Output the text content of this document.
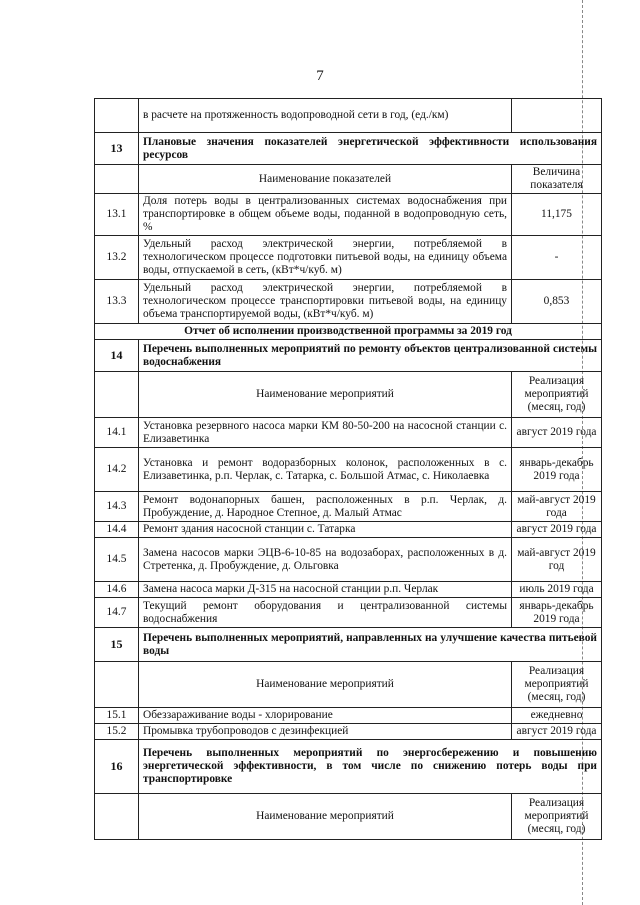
7
	в расчете на протяженность водопроводной сети в год, (ед./км)	
13	Плановые значения показателей энергетической эффективности использования ресурсов	
	Наименование показателей	Величина показателя
13.1	Доля потерь воды в централизованных системах водоснабжения при транспортировке в общем объеме воды, поданной в водопроводную сеть, %	11,175
13.2	Удельный расход электрической энергии, потребляемой в технологическом процессе подготовки питьевой воды, на единицу объема воды, отпускаемой в сеть, (кВт*ч/куб. м)	-
13.3	Удельный расход электрической энергии, потребляемой в технологическом процессе транспортировки питьевой воды, на единицу объема транспортируемой воды, (кВт*ч/куб. м)	0,853
Отчет об исполнении производственной программы за 2019 год		
14	Перечень выполненных мероприятий по ремонту объектов централизованной системы водоснабжения	
	Наименование мероприятий	Реализация мероприятий (месяц, год)
14.1	Установка резервного насоса марки КМ 80-50-200 на насосной станции с. Елизаветинка	август 2019 года
14.2	Установка и ремонт водоразборных колонок, расположенных в с. Елизаветинка, р.п. Черлак, с. Татарка, с. Большой Атмас, с. Николаевка	январь-декабрь 2019 года
14.3	Ремонт водонапорных башен, расположенных в р.п. Черлак, д. Пробуждение, д. Народное Степное, д. Малый Атмас	май-август 2019 года
14.4	Ремонт здания насосной станции с. Татарка	август 2019 года
14.5	Замена насосов марки ЭЦВ-6-10-85 на водозаборах, расположенных в д. Стретенка, д. Пробуждение, д. Ольговка	май-август 2019 год
14.6	Замена насоса марки Д-315 на насосной станции р.п. Черлак	июль 2019 года
14.7	Текущий ремонт оборудования и централизованной системы водоснабжения	январь-декабрь 2019 года
15	Перечень выполненных мероприятий, направленных на улучшение качества питьевой воды	
	Наименование мероприятий	Реализация мероприятий (месяц, год)
15.1	Обеззараживание воды - хлорирование	ежедневно
15.2	Промывка трубопроводов с дезинфекцией	август 2019 года
16	Перечень выполненных мероприятий по энергосбережению и повышению энергетической эффективности, в том числе по снижению потерь воды при транспортировке	
	Наименование мероприятий	Реализация мероприятий (месяц, год)
